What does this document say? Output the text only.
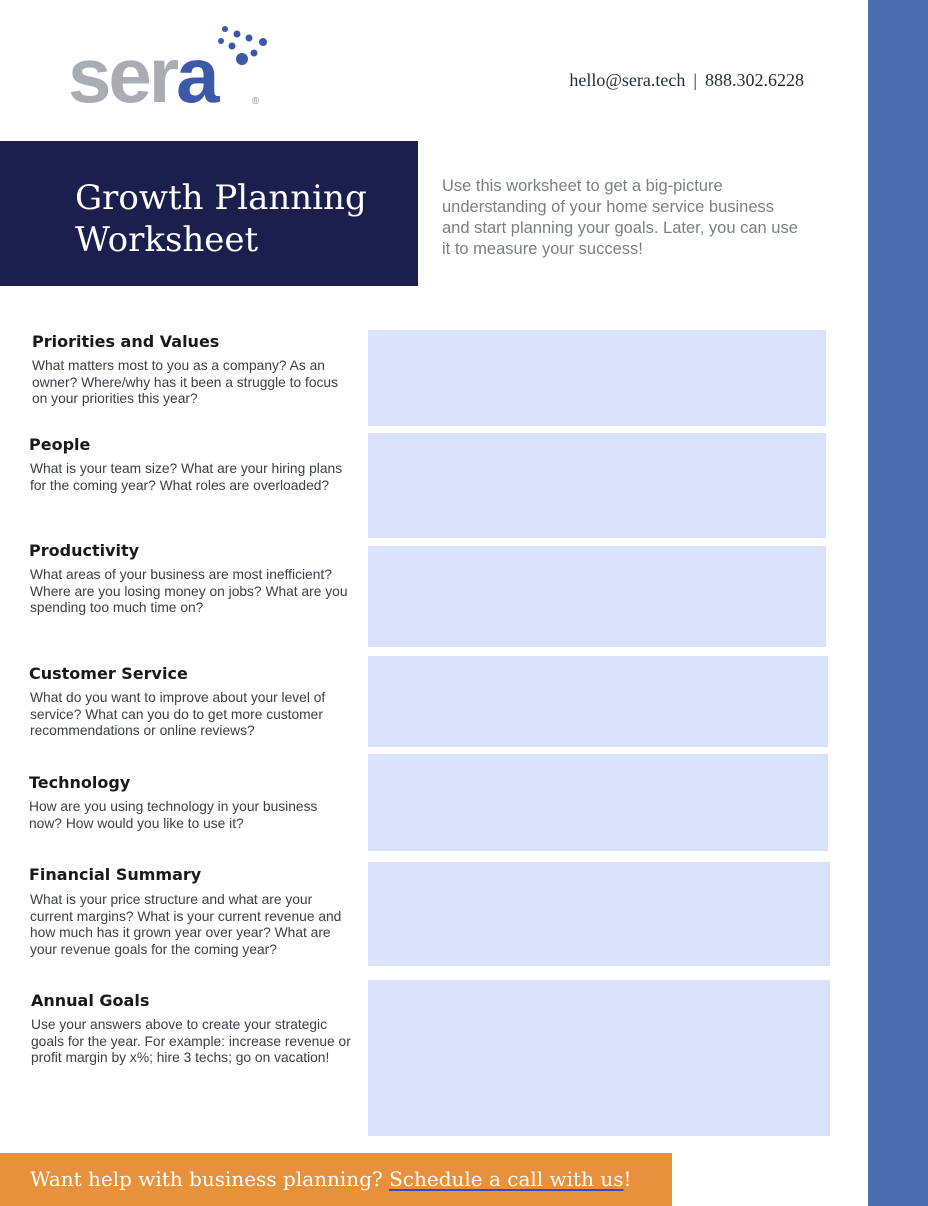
sera	®
hello@sera.tech | 888.302.6228
Growth Planning Worksheet
Use this worksheet to get a big-picture understanding of your home service business and start planning your goals. Later, you can use it to measure your success!
Priorities and Values
What matters most to you as a company? As an owner? Where/why has it been a struggle to focus on your priorities this year?
People
What is your team size? What are your hiring plans for the coming year? What roles are overloaded?
Productivity
What areas of your business are most inefficient? Where are you losing money on jobs? What are you spending too much time on?
Customer Service
What do you want to improve about your level of service? What can you do to get more customer recommendations or online reviews?
Technology
How are you using technology in your business now? How would you like to use it?
Financial Summary
What is your price structure and what are your current margins? What is your current revenue and how much has it grown year over year? What are your revenue goals for the coming year?
Annual Goals
Use your answers above to create your strategic goals for the year. For example: increase revenue or profit margin by x%; hire 3 techs; go on vacation!
Want help with business planning? Schedule a call with us!
